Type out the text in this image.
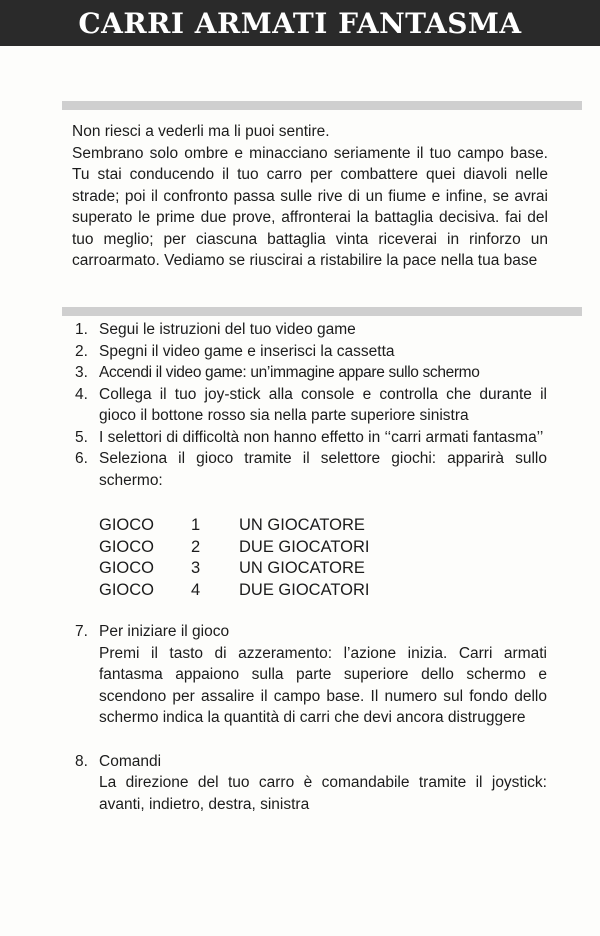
CARRI ARMATI FANTASMA

Non riesci a vederli ma li puoi sentire.

Sembrano solo ombre e minacciano seriamente il tuo campo base. Tu stai conducendo il tuo carro per combattere quei diavoli nelle strade; poi il confronto passa sulle rive di un fiume e infine, se avrai superato le prime due prove, affronterai la battaglia decisiva. fai del tuo meglio; per ciascuna battaglia vinta riceverai in rinforzo un carroarmato. Vediamo se riuscirai a ristabilire la pace nella tua base

1. Segui le istruzioni del tuo video game
2. Spegni il video game e inserisci la cassetta
3. Accendi il video game: un’immagine appare sullo schermo
4. Collega il tuo joy-stick alla console e controlla che durante il gioco il bottone rosso sia nella parte superiore sinistra
5. I selettori di difficoltà non hanno effetto in ‘‘carri armati fantasma’’
6. Seleziona il gioco tramite il selettore giochi: apparirà sullo schermo:
GIOCO	1	UN GIOCATORE
GIOCO	2	DUE GIOCATORI
GIOCO	3	UN GIOCATORE
GIOCO	4	DUE GIOCATORI
7. Per iniziare il gioco
Premi il tasto di azzeramento: l’azione inizia. Carri armati fantasma appaiono sulla parte superiore dello schermo e scendono per assalire il campo base. Il numero sul fondo dello schermo indica la quantità di carri che devi ancora distruggere
8. Comandi
La direzione del tuo carro è comandabile tramite il joystick: avanti, indietro, destra, sinistra
